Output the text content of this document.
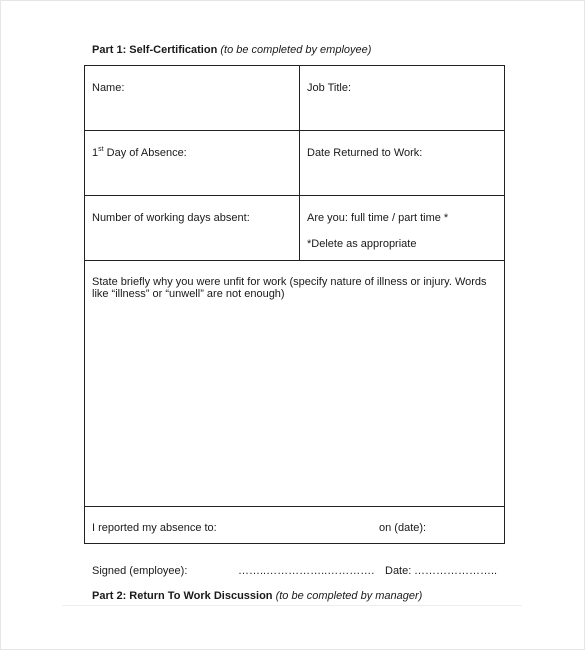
Part 1: Self-Certification (to be completed by employee)
Name:	Job Title:

1st Day of Absence:	Date Returned to Work:

Number of working days absent:	Are you: full time / part time *
*Delete as appropriate

State briefly why you were unfit for work (specify nature of illness or injury. Words like “illness” or “unwell” are not enough)	

I reported my absence to: on (date):	
Signed (employee):	……..……………..…………. Date: …………………..
Part 2: Return To Work Discussion (to be completed by manager)
